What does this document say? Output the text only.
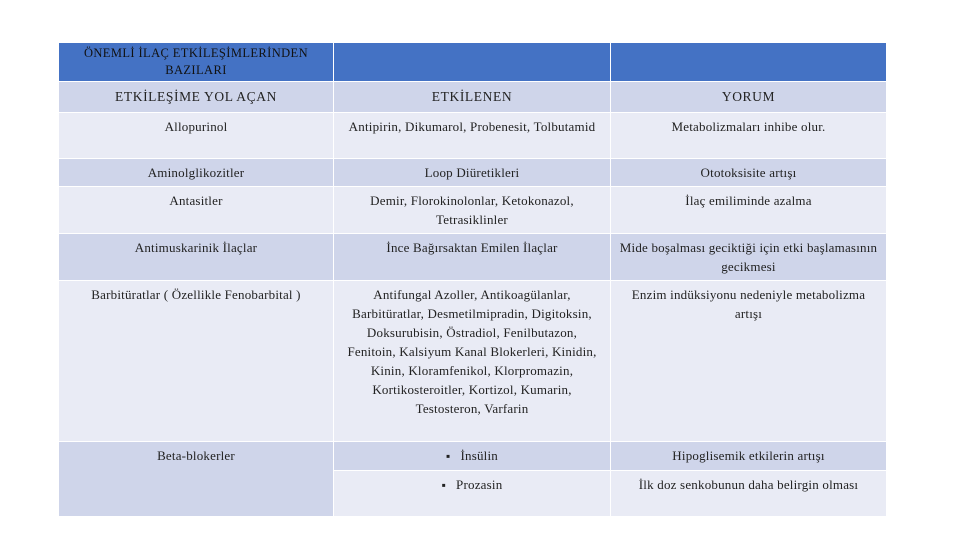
ÖNEMLİ İLAÇ ETKİLEŞİMLERİNDEN BAZILARI		
ETKİLEŞİME YOL AÇAN	ETKİLENEN	YORUM
Allopurinol	Antipirin, Dikumarol, Probenesit, Tolbutamid	Metabolizmaları inhibe olur.
Aminolglikozitler	Loop Diüretikleri	Ototoksisite artışı
Antasitler	Demir, Florokinolonlar, Ketokonazol, Tetrasiklinler	İlaç emiliminde azalma
Antimuskarinik İlaçlar	İnce Bağırsaktan Emilen İlaçlar	Mide boşalması geciktiği için etki başlamasının gecikmesi
Barbitüratlar ( Özellikle Fenobarbital )	Antifungal Azoller, Antikoagülanlar, Barbitüratlar, Desmetilmipradin, Digitoksin, Doksurubisin, Östradiol, Fenilbutazon, Fenitoin, Kalsiyum Kanal Blokerleri, Kinidin, Kinin, Kloramfenikol, Klorpromazin, Kortikosteroitler, Kortizol, Kumarin, Testosteron, Varfarin	Enzim indüksiyonu nedeniyle metabolizma artışı
Beta-blokerler	▪ İnsülin	Hipoglisemik etkilerin artışı
	▪ Prozasin	İlk doz senkobunun daha belirgin olması
